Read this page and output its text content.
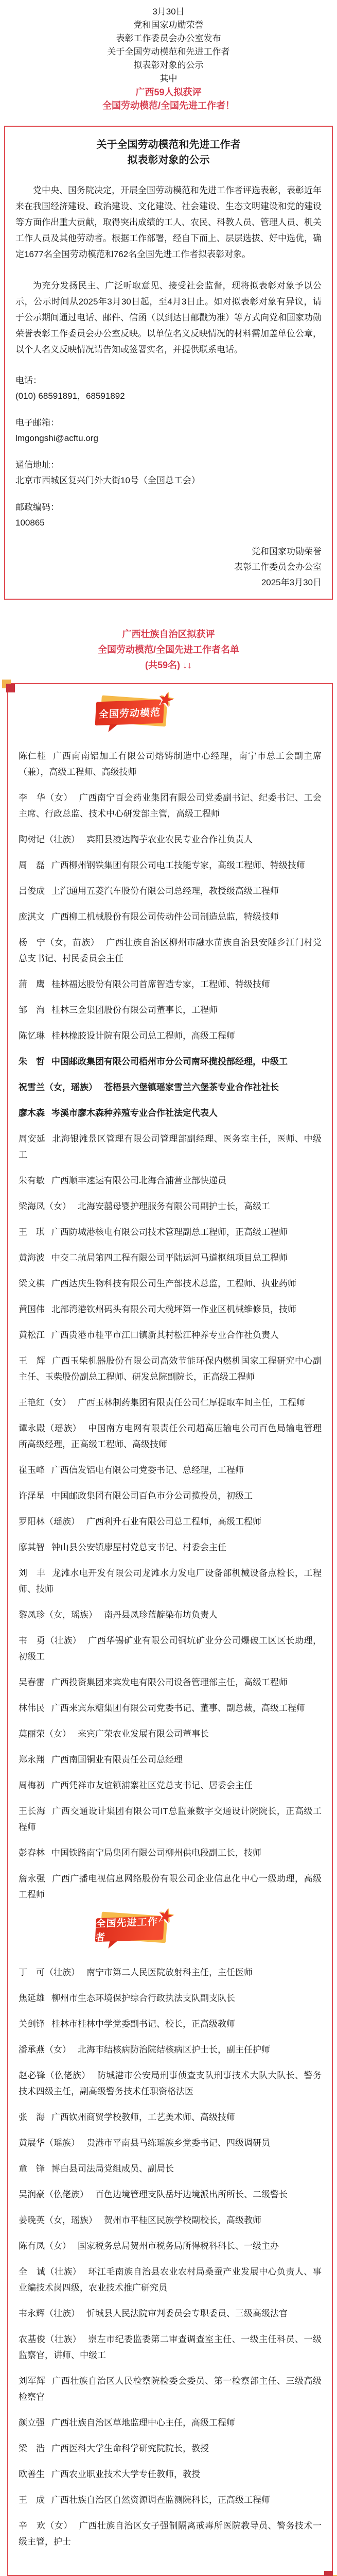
3月30日

党和国家功勋荣誉

表彰工作委员会办公室发布

关于全国劳动模范和先进工作者

拟表彰对象的公示

其中

广西59人拟获评

全国劳动模范/全国先进工作者！

关于全国劳动模范和先进工作者

拟表彰对象的公示

党中央、国务院决定，开展全国劳动模范和先进工作者评选表彰，表彰近年来在我国经济建设、政治建设、文化建设、社会建设、生态文明建设和党的建设等方面作出重大贡献，取得突出成绩的工人、农民、科教人员、管理人员、机关工作人员及其他劳动者。根据工作部署，经自下而上、层层选拔、好中选优，确定1677名全国劳动模范和762名全国先进工作者拟表彰对象。

为充分发扬民主、广泛听取意见、接受社会监督，现将拟表彰对象予以公示，公示时间从2025年3月30日起，至4月3日止。如对拟表彰对象有异议，请于公示期间通过电话、邮件、信函（以到达日邮戳为准）等方式向党和国家功勋荣誉表彰工作委员会办公室反映。以单位名义反映情况的材料需加盖单位公章，以个人名义反映情况请告知或签署实名，并提供联系电话。

电话：

(010) 68591891，68591892

电子邮箱：

lmgongshi@acftu.org

通信地址：

北京市西城区复兴门外大街10号（全国总工会）

邮政编码：

100865

党和国家功勋荣誉

表彰工作委员会办公室

2025年3月30日

广西壮族自治区拟获评

全国劳动模范/全国先进工作者名单

(共59名) ↓↓

全国劳动模范
★

陈仁桂 广西南南铝加工有限公司熔铸制造中心经理，南宁市总工会副主席（兼），高级工程师、高级技师

李　华（女） 广西南宁百会药业集团有限公司党委副书记、纪委书记、工会主席、行政总监、技术中心研发部主管，高级工程师

陶树记（壮族） 宾阳县凌达陶芋农业农民专业合作社负责人

周　磊 广西柳州钢铁集团有限公司电工技能专家，高级工程师、特级技师

吕俊成 上汽通用五菱汽车股份有限公司总经理，教授级高级工程师

庞淇文 广西柳工机械股份有限公司传动件公司制造总监，特级技师

杨　宁（女，苗族） 广西壮族自治区柳州市融水苗族自治县安陲乡江门村党总支书记、村民委员会主任

蒲　鹰 桂林福达股份有限公司首席智造专家，工程师、特级技师

邹　洵 桂林三金集团股份有限公司董事长，工程师

陈忆琳 桂林橡胶设计院有限公司总工程师，高级工程师

朱　哲 中国邮政集团有限公司梧州市分公司南环揽投部经理，中级工

祝雪兰（女，瑶族） 苍梧县六堡镇瑶家雪兰六堡茶专业合作社社长

廖木森 岑溪市廖木森种养殖专业合作社法定代表人

周安延 北海银滩景区管理有限公司管理部副经理、医务室主任，医师、中级工

朱有敏 广西顺丰速运有限公司北海合浦营业部快递员

梁海凤（女） 北海安囍母婴护理服务有限公司副护士长，高级工

王　琪 广西防城港核电有限公司技术管理副总工程师，正高级工程师

黄海波 中交二航局第四工程有限公司平陆运河马道枢纽项目总工程师

梁文棋 广西达庆生物科技有限公司生产部技术总监，工程师、执业药师

黄国伟 北部湾港钦州码头有限公司大榄坪第一作业区机械维修员，技师

黄松江 广西贵港市桂平市江口镇新其村松江种养专业合作社负责人

王　辉 广西玉柴机器股份有限公司高效节能环保内燃机国家工程研究中心副主任、玉柴股份副总工程师、研发总院副院长，正高级工程师

王艳红（女） 广西玉林制药集团有限责任公司仁厚提取车间主任，工程师

谭永殿（瑶族） 中国南方电网有限责任公司超高压输电公司百色局输电管理所高级经理，正高级工程师、高级技师

崔玉峰 广西信发铝电有限公司党委书记、总经理，工程师

许泽星 中国邮政集团有限公司百色市分公司揽投员，初级工

罗阳林（瑶族） 广西利升石业有限公司总工程师，高级工程师

廖其智 钟山县公安镇廖屋村党总支书记、村委会主任

刘　丰 龙滩水电开发有限公司龙滩水力发电厂设备部机械设备点检长，工程师、技师

黎凤珍（女，瑶族） 南丹县凤珍蓝靛染布坊负责人

韦　勇（壮族） 广西华锡矿业有限公司铜坑矿业分公司爆破工区区长助理，初级工

吴春雷 广西投资集团来宾发电有限公司设备管理部主任，高级工程师

林伟民 广西来宾东糖集团有限公司党委书记、董事、副总裁，高级工程师

莫丽荣（女） 来宾广荣农业发展有限公司董事长

郑永翔 广西南国铜业有限责任公司总经理

周梅初 广西凭祥市友谊镇浦寨社区党总支书记、居委会主任

王长海 广西交通设计集团有限公司IT总监兼数字交通设计院院长，正高级工程师

彭春林 中国铁路南宁局集团有限公司柳州供电段副工长，技师

詹永强 广西广播电视信息网络股份有限公司企业信息化中心一级助理，高级工程师

全国先进工作者
★

丁　可（壮族） 南宁市第二人民医院放射科主任，主任医师

焦延雄 柳州市生态环境保护综合行政执法支队副支队长

关剑锋 桂林市桂林中学党委副书记、校长，正高级教师

潘承燕（女） 北海市结核病防治院结核病区护士长，副主任护师

赵必锋（仫佬族） 防城港市公安局刑事侦查支队刑事技术大队大队长、警务技术四级主任，副高级警务技术任职资格法医

张　海 广西钦州商贸学校教师，工艺美术师、高级技师

黄展华（瑶族） 贵港市平南县马练瑶族乡党委书记、四级调研员

童　锋 博白县司法局党组成员、副局长

吴润豪（仫佬族） 百色边境管理支队岳圩边境派出所所长、二级警长

姜晚英（女，瑶族） 贺州市平桂区民族学校副校长，高级教师

陈有凤（女） 国家税务总局贺州市税务局所得税科科长、一级主办

全　诚（壮族） 环江毛南族自治县农业农村局桑蚕产业发展中心负责人、事业编技术岗四级，农业技术推广研究员

韦永辉（壮族） 忻城县人民法院审判委员会专职委员、三级高级法官

农基俊（壮族） 崇左市纪委监委第二审查调查室主任、一级主任科员、一级监察官，讲师、中级工

刘军辉 广西壮族自治区人民检察院检委会委员、第一检察部主任、三级高级检察官

颜立强 广西壮族自治区草地监理中心主任，高级工程师

梁　浩 广西医科大学生命科学研究院院长，教授

欧善生 广西农业职业技术大学专任教师，教授

王　成 广西壮族自治区自然资源调查监测院科长，正高级工程师

辛　欢（女） 广西壮族自治区女子强制隔离戒毒所医院教导员、警务技术一级主管，护士
